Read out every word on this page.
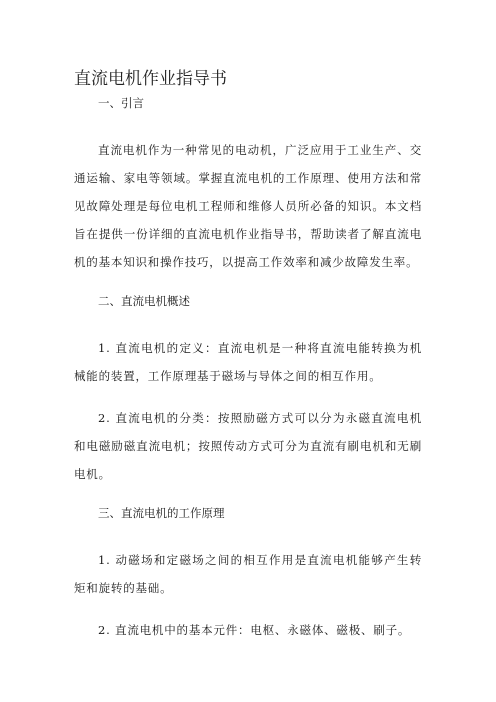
直流电机作业指导书

一、引言

直流电机作为一种常见的电动机，广泛应用于工业生产、交通运输、家电等领域。掌握直流电机的工作原理、使用方法和常见故障处理是每位电机工程师和维修人员所必备的知识。本文档旨在提供一份详细的直流电机作业指导书，帮助读者了解直流电机的基本知识和操作技巧，以提高工作效率和减少故障发生率。

二、直流电机概述

1. 直流电机的定义：直流电机是一种将直流电能转换为机械能的装置，工作原理基于磁场与导体之间的相互作用。

2. 直流电机的分类：按照励磁方式可以分为永磁直流电机和电磁励磁直流电机；按照传动方式可分为直流有刷电机和无刷电机。

三、直流电机的工作原理

1. 动磁场和定磁场之间的相互作用是直流电机能够产生转矩和旋转的基础。

2. 直流电机中的基本元件：电枢、永磁体、磁极、刷子。
